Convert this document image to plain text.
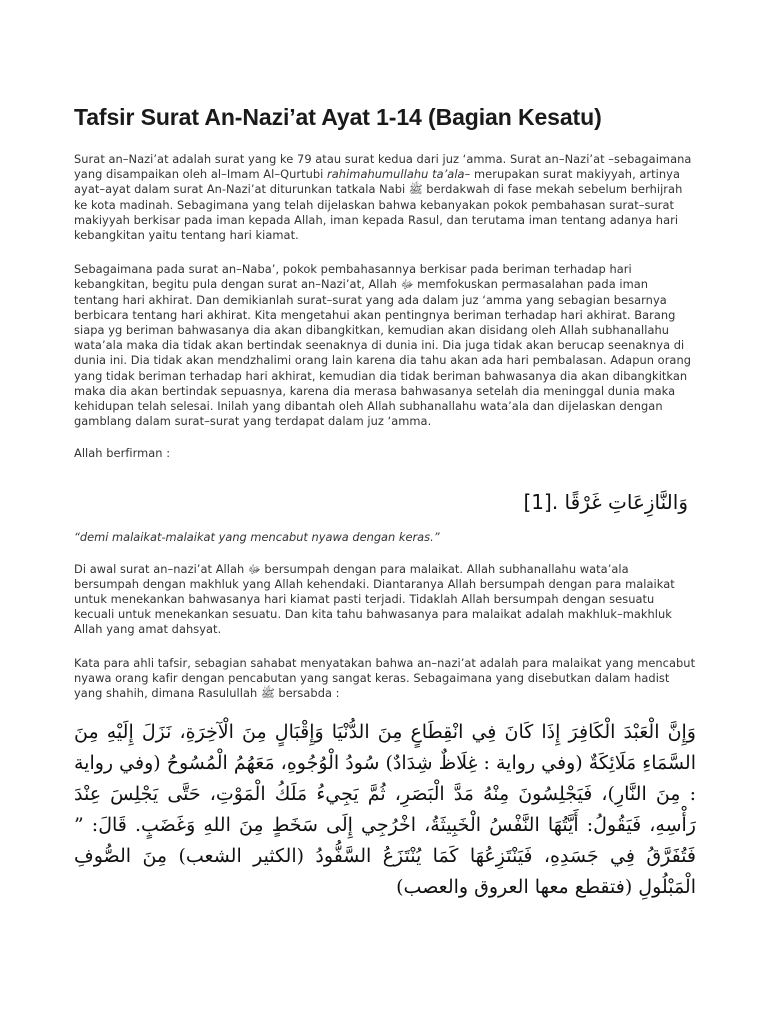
Tafsir Surat An-Nazi’at Ayat 1-14 (Bagian Kesatu)

Surat an–Nazi’at adalah surat yang ke 79 atau surat kedua dari juz ‘amma. Surat an–Nazi’at –sebagaimana yang disampaikan oleh al–Imam Al–Qurtubi rahimahumullahu ta’ala– merupakan surat makiyyah, artinya ayat–ayat dalam surat An-Nazi’at diturunkan tatkala Nabi ﷺ berdakwah di fase mekah sebelum berhijrah ke kota madinah. Sebagimana yang telah dijelaskan bahwa kebanyakan pokok pembahasan surat–surat makiyyah berkisar pada iman kepada Allah, iman kepada Rasul, dan terutama iman tentang adanya hari kebangkitan yaitu tentang hari kiamat.

Sebagaimana pada surat an–Naba’, pokok pembahasannya berkisar pada beriman terhadap hari kebangkitan, begitu pula dengan surat an–Nazi’at, Allah ﷻ memfokuskan permasalahan pada iman tentang hari akhirat. Dan demikianlah surat–surat yang ada dalam juz ‘amma yang sebagian besarnya berbicara tentang hari akhirat. Kita mengetahui akan pentingnya beriman terhadap hari akhirat. Barang siapa yg beriman bahwasanya dia akan dibangkitkan, kemudian akan disidang oleh Allah subhanallahu wata’ala maka dia tidak akan bertindak seenaknya di dunia ini. Dia juga tidak akan berucap seenaknya di dunia ini. Dia tidak akan mendzhalimi orang lain karena dia tahu akan ada hari pembalasan. Adapun orang yang tidak beriman terhadap hari akhirat, kemudian dia tidak beriman bahwasanya dia akan dibangkitkan maka dia akan bertindak sepuasnya, karena dia merasa bahwasanya setelah dia meninggal dunia maka kehidupan telah selesai. Inilah yang dibantah oleh Allah subhanallahu wata’ala dan dijelaskan dengan gamblang dalam surat–surat yang terdapat dalam juz ‘amma.

Allah berfirman :

وَالنَّازِعَاتِ غَرْقًا .[1]

“demi malaikat-malaikat yang mencabut nyawa dengan keras.”

Di awal surat an–nazi’at Allah ﷻ bersumpah dengan para malaikat. Allah subhanallahu wata’ala bersumpah dengan makhluk yang Allah kehendaki. Diantaranya Allah bersumpah dengan para malaikat untuk menekankan bahwasanya hari kiamat pasti terjadi. Tidaklah Allah bersumpah dengan sesuatu kecuali untuk menekankan sesuatu. Dan kita tahu bahwasanya para malaikat adalah makhluk–makhluk Allah yang amat dahsyat.

Kata para ahli tafsir, sebagian sahabat menyatakan bahwa an–nazi’at adalah para malaikat yang mencabut nyawa orang kafir dengan pencabutan yang sangat keras. Sebagaimana yang disebutkan dalam hadist yang shahih, dimana Rasulullah ﷺ bersabda :

وَإِنَّ الْعَبْدَ الْكَافِرَ إِذَا كَانَ فِي انْقِطَاعٍ مِنَ الدُّنْيَا وَإِقْبَالٍ مِنَ الْآخِرَةِ، نَزَلَ إِلَيْهِ مِنَ السَّمَاءِ مَلَائِكَةٌ (وفي رواية : غِلَاظٌ شِدَادٌ) سُودُ الْوُجُوهِ، مَعَهُمُ الْمُسُوحُ (وفي رواية : مِنَ النَّارِ)، فَيَجْلِسُونَ مِنْهُ مَدَّ الْبَصَرِ، ثُمَّ يَجِيءُ مَلَكُ الْمَوْتِ، حَتَّى يَجْلِسَ عِنْدَ رَأْسِهِ، فَيَقُولُ: أَيَّتُهَا النَّفْسُ الْخَبِيثَةُ، اخْرُجِي إِلَى سَخَطٍ مِنَ اللهِ وَغَضَبٍ. قَالَ: ” فَتُفَرَّقُ فِي جَسَدِهِ، فَيَنْتَزِعُهَا كَمَا يُنْتَزَعُ السَّفُّودُ (الكثير الشعب) مِنَ الصُّوفِ الْمَبْلُولِ (فتقطع معها العروق والعصب)
